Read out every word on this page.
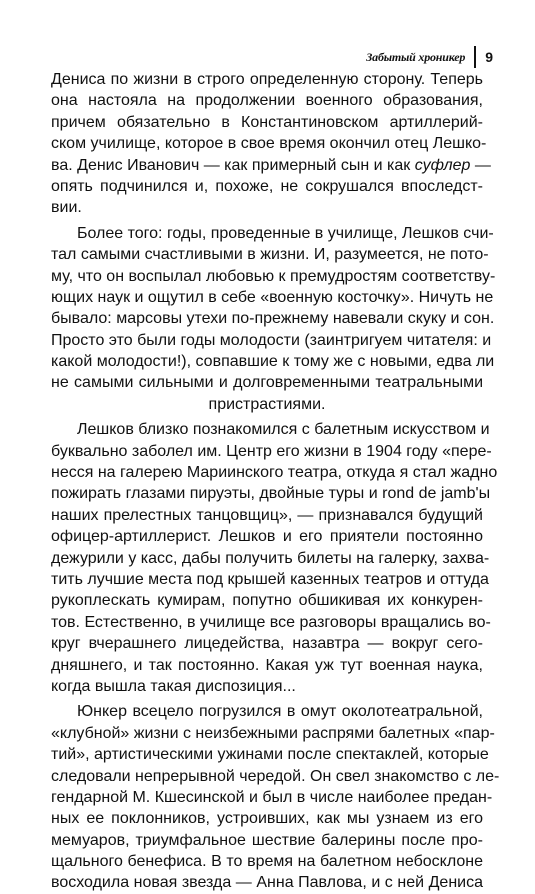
Забытый хроникер 9
Дениса по жизни в строго определенную сторону. Теперь
она настояла на продолжении военного образования,
причем обязательно в Константиновском артиллерий-
ском училище, которое в свое время окончил отец Лешко-
ва. Денис Иванович — как примерный сын и как суфлер —
опять подчинился и, похоже, не сокрушался впоследст-
вии.
Более того: годы, проведенные в училище, Лешков счи-
тал самыми счастливыми в жизни. И, разумеется, не пото-
му, что он воспылал любовью к премудростям соответству-
ющих наук и ощутил в себе «военную косточку». Ничуть не
бывало: марсовы утехи по-прежнему навевали скуку и сон.
Просто это были годы молодости (заинтригуем читателя: и
какой молодости!), совпавшие к тому же с новыми, едва ли
не самыми сильными и долговременными театральными
пристрастиями.
Лешков близко познакомился с балетным искусством и
буквально заболел им. Центр его жизни в 1904 году «пере-
несся на галерею Мариинского театра, откуда я стал жадно
пожирать глазами пируэты, двойные туры и rond de jamb'ы
наших прелестных танцовщиц», — признавался будущий
офицер-артиллерист. Лешков и его приятели постоянно
дежурили у касс, дабы получить билеты на галерку, захва-
тить лучшие места под крышей казенных театров и оттуда
рукоплескать кумирам, попутно обшикивая их конкурен-
тов. Естественно, в училище все разговоры вращались во-
круг вчерашнего лицедейства, назавтра — вокруг сего-
дняшнего, и так постоянно. Какая уж тут военная наука,
когда вышла такая диспозиция...
Юнкер всецело погрузился в омут околотеатральной,
«клубной» жизни с неизбежными распрями балетных «пар-
тий», артистическими ужинами после спектаклей, которые
следовали непрерывной чередой. Он свел знакомство с ле-
гендарной М. Кшесинской и был в числе наиболее предан-
ных ее поклонников, устроивших, как мы узнаем из его
мемуаров, триумфальное шествие балерины после про-
щального бенефиса. В то время на балетном небосклоне
восходила новая звезда — Анна Павлова, и с ней Дениса
